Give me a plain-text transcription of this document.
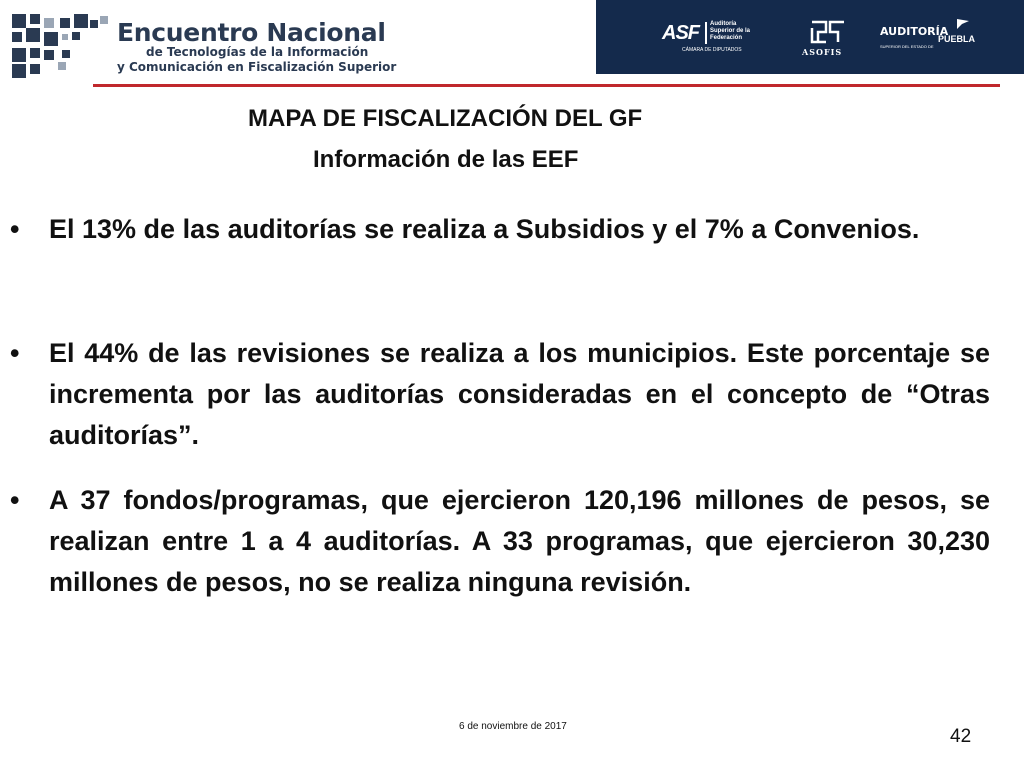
Encuentro Nacional
de Tecnologías de la Información
y Comunicación en Fiscalización Superior
ASF Auditoría Superior de la Federación
CÁMARA DE DIPUTADOS	ASOFIS
AUDITORÍA
PUEBLA
SUPERIOR DEL ESTADO DE
MAPA DE FISCALIZACIÓN DEL GF
Información de las EEF
• El 13% de las auditorías se realiza a Subsidios y el 7% a Convenios.
• El 44% de las revisiones se realiza a los municipios. Este porcentaje se incrementa por las auditorías consideradas en el concepto de “Otras auditorías”.
• A 37 fondos/programas, que ejercieron 120,196 millones de pesos, se realizan entre 1 a 4 auditorías. A 33 programas, que ejercieron 30,230 millones de pesos, no se realiza ninguna revisión.
6 de noviembre de 2017	42
